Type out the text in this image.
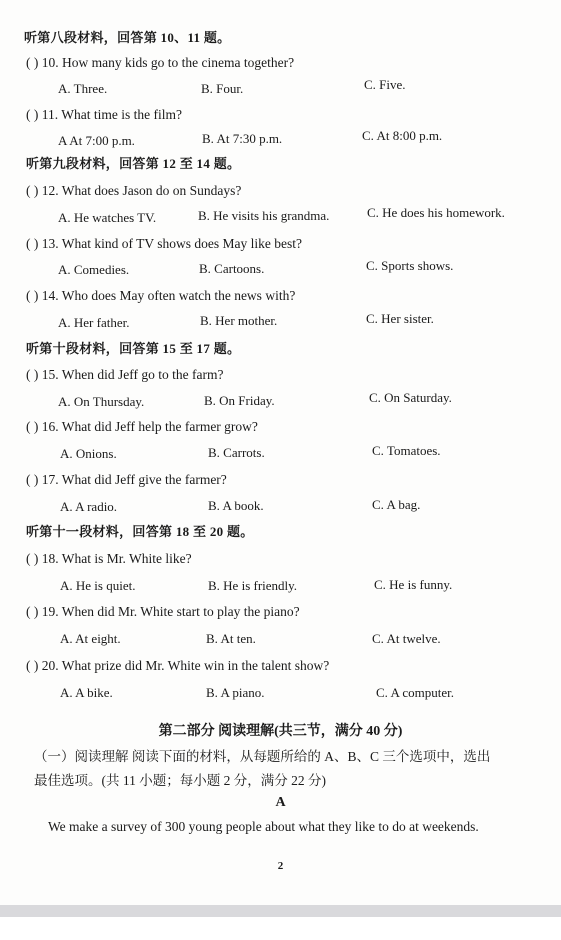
听第八段材料，回答第 10、11 题。
( ) 10. How many kids go to the cinema together?
A. Three.	B. Four.	C. Five.
( ) 11. What time is the film?
A At 7:00 p.m.	B. At 7:30 p.m.	C. At 8:00 p.m.
听第九段材料，回答第 12 至 14 题。
( ) 12. What does Jason do on Sundays?
A. He watches TV.	B. He visits his grandma.	C. He does his homework.
( ) 13. What kind of TV shows does May like best?
A. Comedies.	B. Cartoons.	C. Sports shows.
( ) 14. Who does May often watch the news with?
A. Her father.	B. Her mother.	C. Her sister.
听第十段材料，回答第 15 至 17 题。
( ) 15. When did Jeff go to the farm?
A. On Thursday.	B. On Friday.	C. On Saturday.
( ) 16. What did Jeff help the farmer grow?
A. Onions.	B. Carrots.	C. Tomatoes.
( ) 17. What did Jeff give the farmer?
A. A radio.	B. A book.	C. A bag.
听第十一段材料，回答第 18 至 20 题。
( ) 18. What is Mr. White like?
A. He is quiet.	B. He is friendly.	C. He is funny.
( ) 19. When did Mr. White start to play the piano?
A. At eight.	B. At ten.	C. At twelve.
( ) 20. What prize did Mr. White win in the talent show?
A. A bike.	B. A piano.	C. A computer.
第二部分 阅读理解(共三节，满分 40 分)
（一）阅读理解 阅读下面的材料，从每题所给的 A、B、C 三个选项中，选出
最佳选项。(共 11 小题；每小题 2 分，满分 22 分)
A
We make a survey of 300 young people about what they like to do at weekends.
2
